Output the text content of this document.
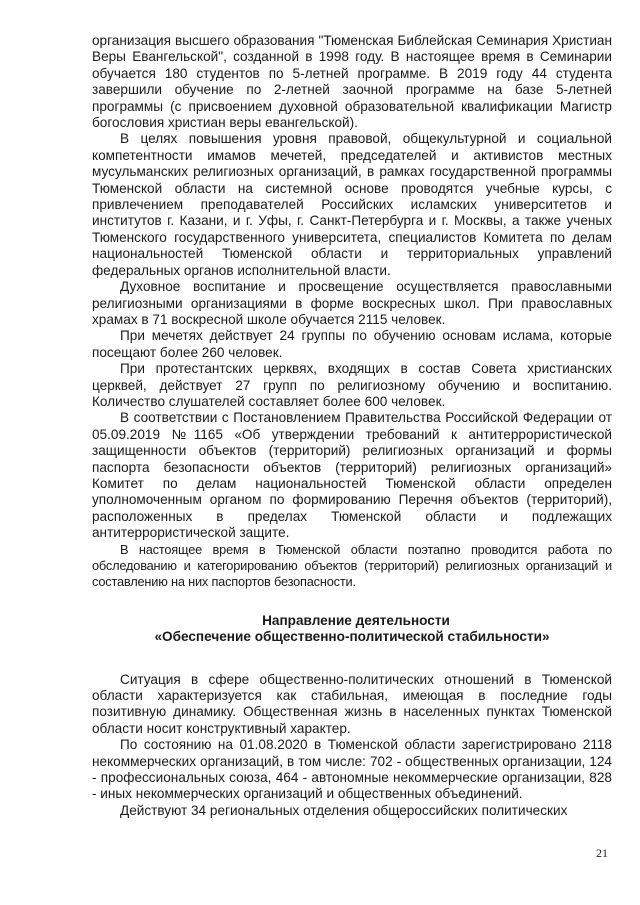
организация высшего образования "Тюменская Библейская Семинария Христиан Веры Евангельской", созданной в 1998 году. В настоящее время в Семинарии обучается 180 студентов по 5-летней программе. В 2019 году 44 студента завершили обучение по 2-летней заочной программе на базе 5-летней программы (с присвоением духовной образовательной квалификации Магистр богословия христиан веры евангельской).

В целях повышения уровня правовой, общекультурной и социальной компетентности имамов мечетей, председателей и активистов местных мусульманских религиозных организаций, в рамках государственной программы Тюменской области на системной основе проводятся учебные курсы, с привлечением преподавателей Российских исламских университетов и институтов г. Казани, и г. Уфы, г. Санкт-Петербурга и г. Москвы, а также ученых Тюменского государственного университета, специалистов Комитета по делам национальностей Тюменской области и территориальных управлений федеральных органов исполнительной власти.

Духовное воспитание и просвещение осуществляется православными религиозными организациями в форме воскресных школ. При православных храмах в 71 воскресной школе обучается 2115 человек.

При мечетях действует 24 группы по обучению основам ислама, которые посещают более 260 человек.

При протестантских церквях, входящих в состав Совета христианских церквей, действует 27 групп по религиозному обучению и воспитанию. Количество слушателей составляет более 600 человек.

В соответствии с Постановлением Правительства Российской Федерации от 05.09.2019 №1165 «Об утверждении требований к антитеррористической защищенности объектов (территорий) религиозных организаций и формы паспорта безопасности объектов (территорий) религиозных организаций» Комитет по делам национальностей Тюменской области определен уполномоченным органом по формированию Перечня объектов (территорий), расположенных в пределах Тюменской области и подлежащих антитеррористической защите.

В настоящее время в Тюменской области поэтапно проводится работа по обследованию и категорированию объектов (территорий) религиозных организаций и составлению на них паспортов безопасности.

Направление деятельности
«Обеспечение общественно-политической стабильности»

Ситуация в сфере общественно-политических отношений в Тюменской области характеризуется как стабильная, имеющая в последние годы позитивную динамику. Общественная жизнь в населенных пунктах Тюменской области носит конструктивный характер.

По состоянию на 01.08.2020 в Тюменской области зарегистрировано 2118 некоммерческих организаций, в том числе: 702 - общественных организации, 124 - профессиональных союза, 464 - автономные некоммерческие организации, 828 - иных некоммерческих организаций и общественных объединений.

Действуют 34 региональных отделения общероссийских политических

21
